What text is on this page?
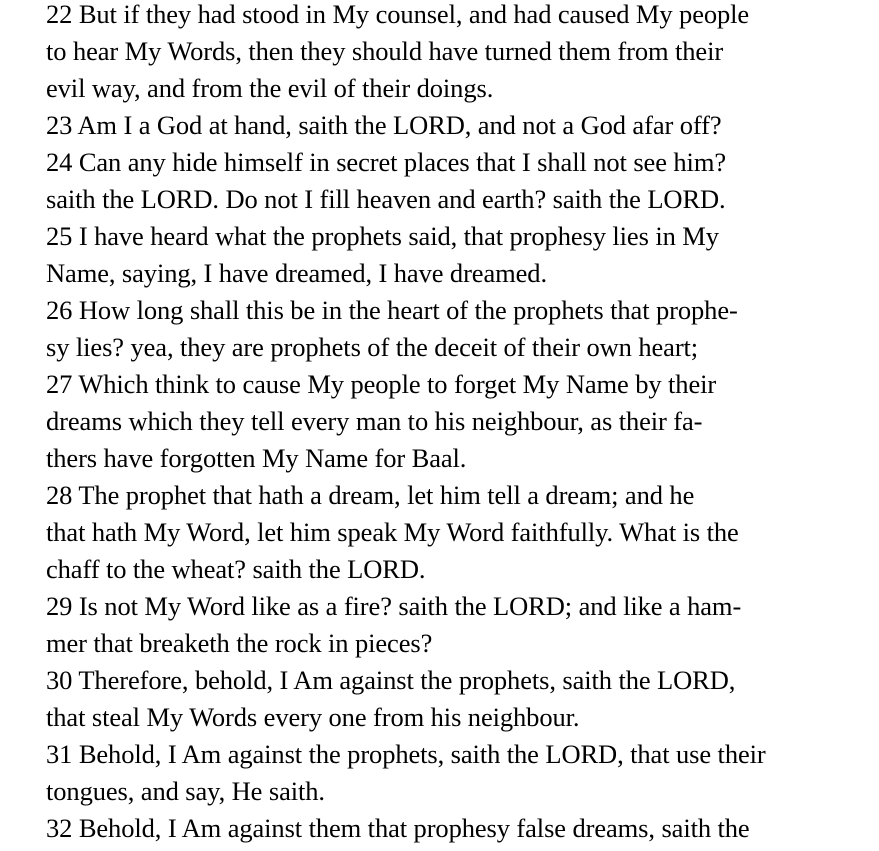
22 But if they had stood in My counsel, and had caused My people
to hear My Words, then they should have turned them from their
evil way, and from the evil of their doings.
23 Am I a God at hand, saith the LORD, and not a God afar off?
24 Can any hide himself in secret places that I shall not see him?
saith the LORD. Do not I fill heaven and earth? saith the LORD.
25 I have heard what the prophets said, that prophesy lies in My
Name, saying, I have dreamed, I have dreamed.
26 How long shall this be in the heart of the prophets that prophe-
sy lies? yea, they are prophets of the deceit of their own heart;
27 Which think to cause My people to forget My Name by their
dreams which they tell every man to his neighbour, as their fa-
thers have forgotten My Name for Baal.
28 The prophet that hath a dream, let him tell a dream; and he
that hath My Word, let him speak My Word faithfully. What is the
chaff to the wheat? saith the LORD.
29 Is not My Word like as a fire? saith the LORD; and like a ham-
mer that breaketh the rock in pieces?
30 Therefore, behold, I Am against the prophets, saith the LORD,
that steal My Words every one from his neighbour.
31 Behold, I Am against the prophets, saith the LORD, that use their
tongues, and say, He saith.
32 Behold, I Am against them that prophesy false dreams, saith the
